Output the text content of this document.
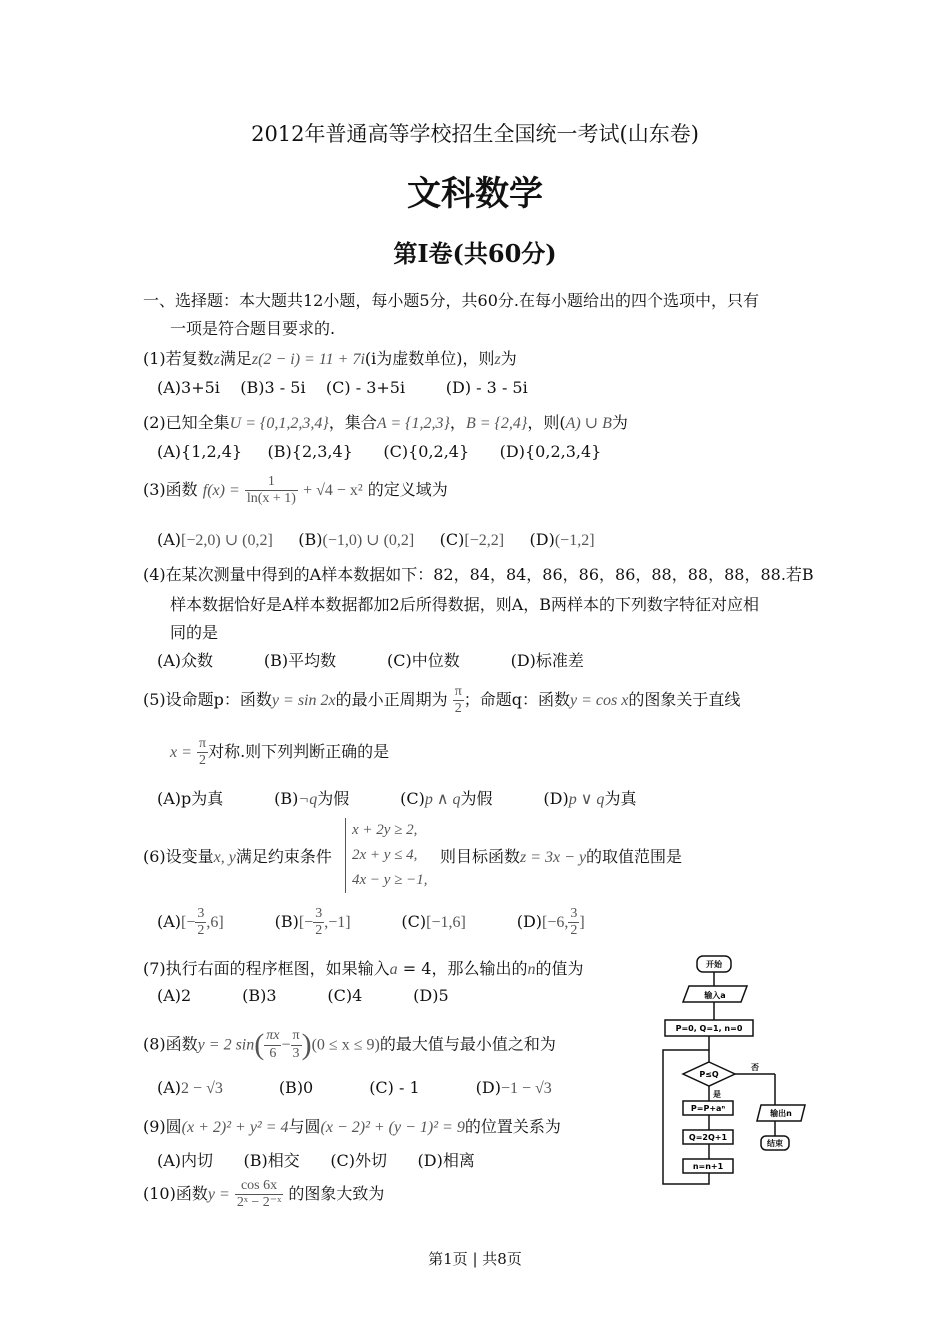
2012年普通高等学校招生全国统一考试(山东卷)
文科数学
第Ⅰ卷(共60分)
一、选择题：本大题共12小题，每小题5分，共60分.在每小题给出的四个选项中，只有
一项是符合题目要求的.
(1)若复数z满足z(2 − i) = 11 + 7i(i为虚数单位)，则z为
(A)3+5i    (B)3 - 5i    (C) - 3+5i        (D) - 3 - 5i
(2)已知全集U = {0,1,2,3,4}，集合A = {1,2,3}，B = {2,4}，则(A) ∪ B为
(A){1,2,4}     (B){2,3,4}      (C){0,2,4}      (D){0,2,3,4}
(3)函数 $f(x) = \frac{1}{\ln(x + 1)} + √4 - x^2$ 的定义域为
(A)[−2,0) ∪ (0,2] (B)(−1,0) ∪ (0,2] (C)[−2,2] (D)(−1,2]
(4)在某次测量中得到的A样本数据如下：82，84，84，86，86，86，88，88，88，88.若B
样本数据恰好是A样本数据都加2后所得数据，则A，B两样本的下列数字特征对应相
同的是
(A)众数          (B)平均数          (C)中位数          (D)标准差
(5)设命题p：函数y = sin 2x的最小正周期为 $\frac{\pi}{2}$ ；命题q：函数y = cos x的图象关于直线
$x = \frac{\pi}{2}$ 对称.则下列判断正确的是
(A)p为真	(B)¬q为假	(C)p ∧ q为假	(D)p ∨ q为真
(6)设变量x, y满足约束条件
x + 2y ≥ 2,
2x + y ≤ 4,
4x − y ≥ −1,
则目标函数z = 3x − y的取值范围是
$(A)[- \frac{3}{2} ,6]$	$(B)[- \frac{3}{2} ,-1]$	(C)[−1,6]	(D)[−6, $\frac{3}{2}$ ]
(7)执行右面的程序框图，如果输入a = 4，那么输出的n的值为
(A)2          (B)3          (C)4          (D)5
开始
输入a
P=0, Q=1, n=0
P≤Q
否
输出n
结束
是
P=P+aⁿ
Q=2Q+1
n=n+1
(8)函数y = 2 $\sin( \frac{\pi x}{6} - \frac{\pi}{3} )(0 \le x \le 9)$的最大值与最小值之和为
(A)2 − √3	(B)0	(C) - 1	(D)−1 − √3
(9)圆(x + 2)² + y² = 4与圆(x − 2)² + (y − 1)² = 9的位置关系为
(A)内切      (B)相交      (C)外切      (D)相离
(10)函数$y = \frac{\cos 6x}{\text{2ˣ − 2⁻ˣ}}$ 的图象大致为
第1页 | 共8页
